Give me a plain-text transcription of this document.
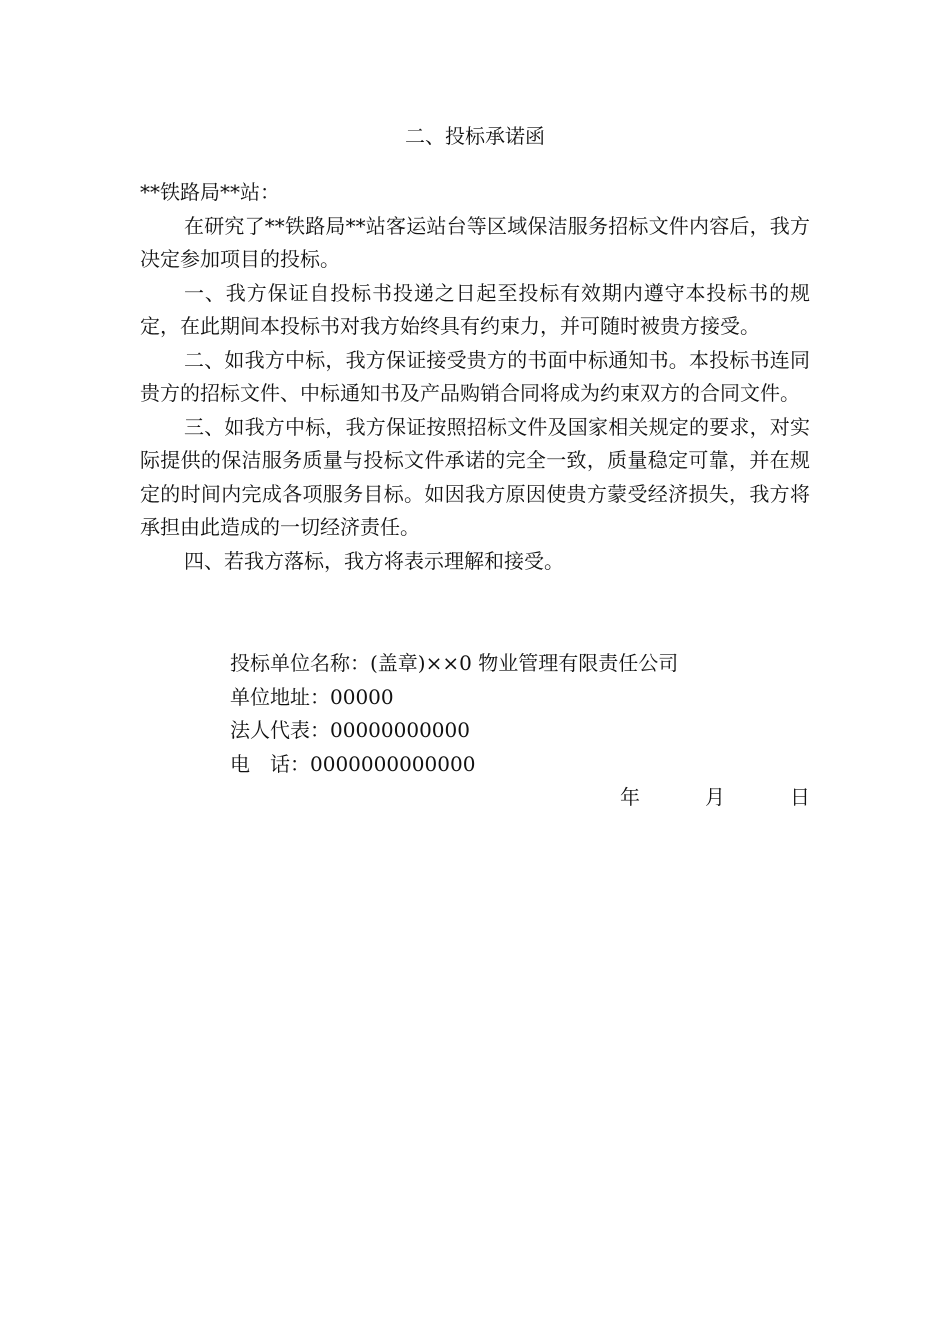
二、投标承诺函

**铁路局**站：

在研究了**铁路局**站客运站台等区域保洁服务招标文件内容后，我方决定参加项目的投标。

一、我方保证自投标书投递之日起至投标有效期内遵守本投标书的规定，在此期间本投标书对我方始终具有约束力，并可随时被贵方接受。

二、如我方中标，我方保证接受贵方的书面中标通知书。本投标书连同贵方的招标文件、中标通知书及产品购销合同将成为约束双方的合同文件。

三、如我方中标，我方保证按照招标文件及国家相关规定的要求，对实际提供的保洁服务质量与投标文件承诺的完全一致，质量稳定可靠，并在规定的时间内完成各项服务目标。如因我方原因使贵方蒙受经济损失，我方将承担由此造成的一切经济责任。

四、若我方落标，我方将表示理解和接受。

投标单位名称：(盖章)××0 物业管理有限责任公司
单位地址：00000
法人代表：00000000000
电　话：0000000000000
年	月	日
